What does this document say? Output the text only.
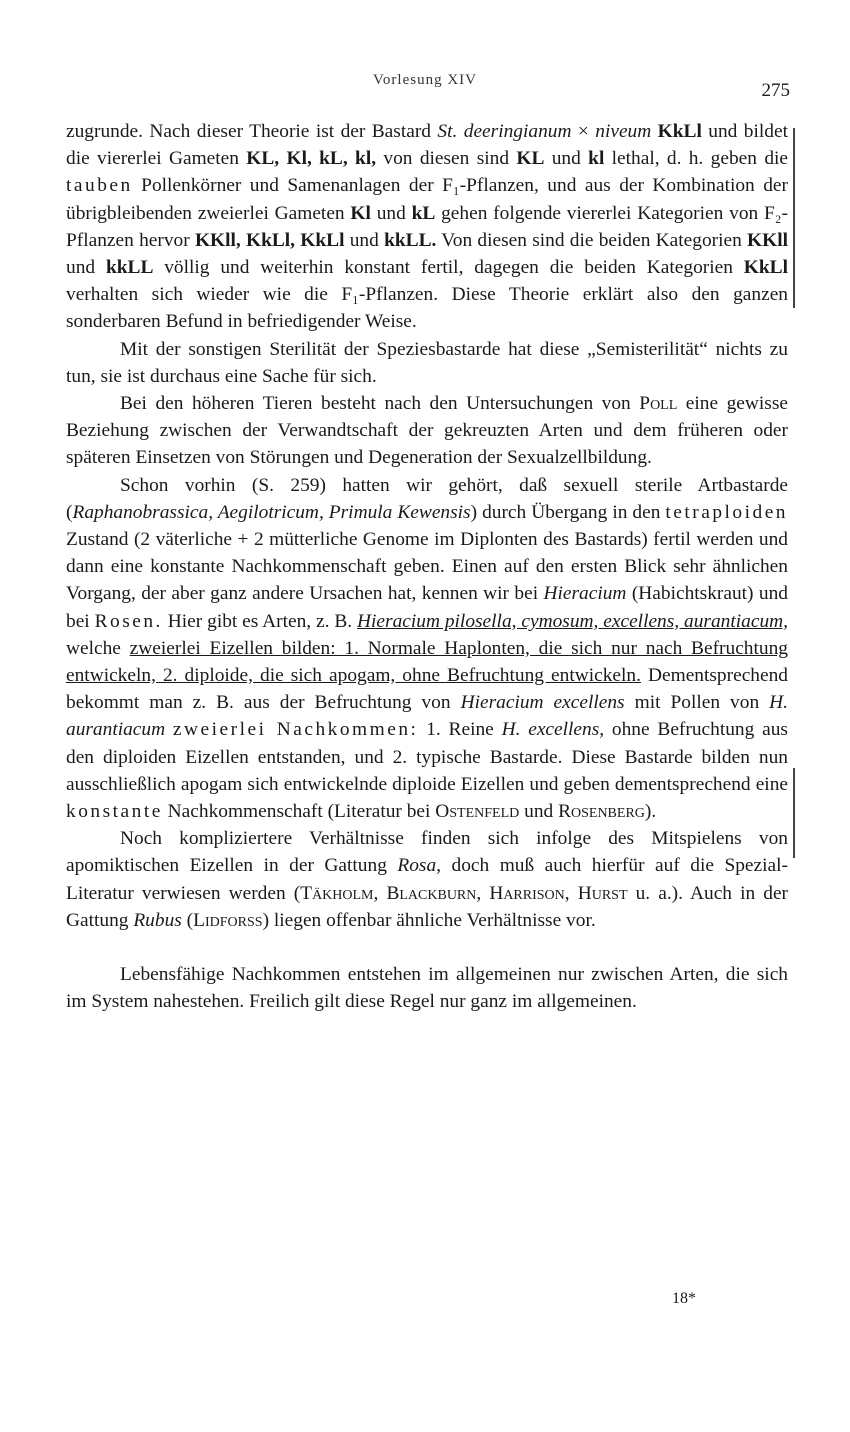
Vorlesung XIV	275

zugrunde. Nach dieser Theorie ist der Bastard St. deeringianum × niveum KkLl und bildet die viererlei Gameten KL, Kl, kL, kl, von diesen sind KL und kl lethal, d. h. geben die tauben Pollenkörner und Samenanlagen der F₁-Pflanzen, und aus der Kombination der übrigbleibenden zweierlei Gameten Kl und kL gehen folgende viererlei Kategorien von F₂-Pflanzen hervor KKll, KkLl, KkLl und kkLL. Von diesen sind die beiden Kategorien KKll und kkLL völlig und weiterhin konstant fertil, dagegen die beiden Kategorien KkLl verhalten sich wieder wie die F₁-Pflanzen. Diese Theorie erklärt also den ganzen sonderbaren Befund in befriedigender Weise.

Mit der sonstigen Sterilität der Speziesbastarde hat diese „Semisterilität“ nichts zu tun, sie ist durchaus eine Sache für sich.

Bei den höheren Tieren besteht nach den Untersuchungen von Poll eine gewisse Beziehung zwischen der Verwandtschaft der gekreuzten Arten und dem früheren oder späteren Einsetzen von Störungen und Degeneration der Sexualzellbildung.

Schon vorhin (S. 259) hatten wir gehört, daß sexuell sterile Artbastarde (Raphanobrassica, Aegilotricum, Primula Kewensis) durch Übergang in den tetraploiden Zustand (2 väterliche + 2 mütterliche Genome im Diplonten des Bastards) fertil werden und dann eine konstante Nachkommenschaft geben. Einen auf den ersten Blick sehr ähnlichen Vorgang, der aber ganz andere Ursachen hat, kennen wir bei Hieracium (Habichtskraut) und bei Rosen. Hier gibt es Arten, z. B. Hieracium pilosella, cymosum, excellens, aurantiacum, welche zweierlei Eizellen bilden: 1. Normale Haplonten, die sich nur nach Befruchtung entwickeln, 2. diploide, die sich apogam, ohne Befruchtung entwickeln. Dementsprechend bekommt man z. B. aus der Befruchtung von Hieracium excellens mit Pollen von H. aurantiacum zweierlei Nachkommen: 1. Reine H. excellens, ohne Befruchtung aus den diploiden Eizellen entstanden, und 2. typische Bastarde. Diese Bastarde bilden nun ausschließlich apogam sich entwickelnde diploide Eizellen und geben dementsprechend eine konstante Nachkommenschaft (Literatur bei Ostenfeld und Rosenberg).

Noch kompliziertere Verhältnisse finden sich infolge des Mitspielens von apomiktischen Eizellen in der Gattung Rosa, doch muß auch hierfür auf die Spezial-Literatur verwiesen werden (Täkholm, Blackburn, Harrison, Hurst u. a.). Auch in der Gattung Rubus (Lidforss) liegen offenbar ähnliche Verhältnisse vor.

Lebensfähige Nachkommen entstehen im allgemeinen nur zwischen Arten, die sich im System nahestehen. Freilich gilt diese Regel nur ganz im allgemeinen.

18*
